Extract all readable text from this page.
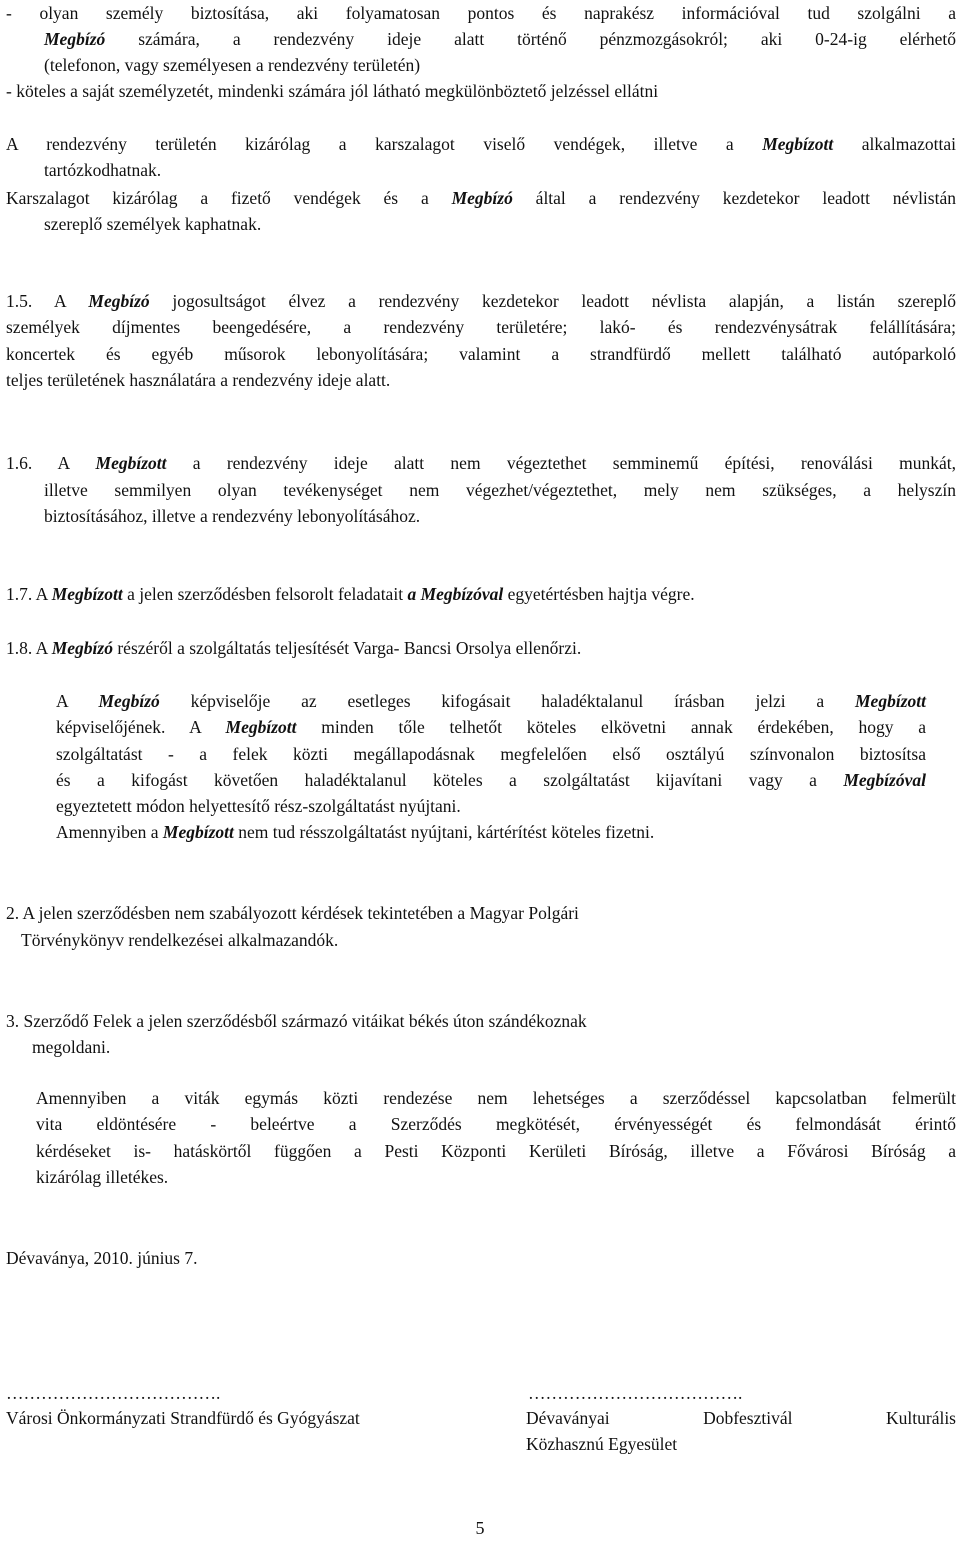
- olyan személy biztosítása, aki folyamatosan pontos és naprakész információval tud szolgálni a
Megbízó számára, a rendezvény ideje alatt történő pénzmozgásokról; aki 0-24-ig elérhető
(telefonon, vagy személyesen a rendezvény területén)
- köteles a saját személyzetét, mindenki számára jól látható megkülönböztető jelzéssel ellátni
A rendezvény területén kizárólag a karszalagot viselő vendégek, illetve a Megbízott alkalmazottai
tartózkodhatnak.
Karszalagot kizárólag a fizető vendégek és a Megbízó által a rendezvény kezdetekor leadott névlistán
szereplő személyek kaphatnak.
1.5. A Megbízó jogosultságot élvez a rendezvény kezdetekor leadott névlista alapján, a listán szereplő
személyek díjmentes beengedésére, a rendezvény területére; lakó- és rendezvénysátrak felállítására;
koncertek és egyéb műsorok lebonyolítására; valamint a strandfürdő mellett található autóparkoló
teljes területének használatára a rendezvény ideje alatt.
1.6. A Megbízott a rendezvény ideje alatt nem végeztethet semminemű építési, renoválási munkát,
illetve semmilyen olyan tevékenységet nem végezhet/végeztethet, mely nem szükséges, a helyszín
biztosításához, illetve a rendezvény lebonyolításához.
1.7. A Megbízott a jelen szerződésben felsorolt feladatait a Megbízóval egyetértésben hajtja végre.
1.8. A Megbízó részéről a szolgáltatás teljesítését Varga- Bancsi Orsolya ellenőrzi.
A Megbízó képviselője az esetleges kifogásait haladéktalanul írásban jelzi a Megbízott
képviselőjének. A Megbízott minden tőle telhetőt köteles elkövetni annak érdekében, hogy a
szolgáltatást - a felek közti megállapodásnak megfelelően első osztályú színvonalon biztosítsa
és a kifogást követően haladéktalanul köteles a szolgáltatást kijavítani vagy a Megbízóval
egyeztetett módon helyettesítő rész-szolgáltatást nyújtani.
Amennyiben a Megbízott nem tud résszolgáltatást nyújtani, kártérítést köteles fizetni.
2. A jelen szerződésben nem szabályozott kérdések tekintetében a Magyar Polgári
Törvénykönyv rendelkezései alkalmazandók.
3. Szerződő Felek a jelen szerződésből származó vitáikat békés úton szándékoznak
megoldani.
Amennyiben a viták egymás közti rendezése nem lehetséges a szerződéssel kapcsolatban felmerült
vita eldöntésére - beleértve a Szerződés megkötését, érvényességét és felmondását érintő
kérdéseket is- hatáskörtől függően a Pesti Központi Kerületi Bíróság, illetve a Fővárosi Bíróság a
kizárólag illetékes.
Dévaványa, 2010. június 7.
……………………………….
Városi Önkormányzati Strandfürdő és Gyógyászat
……………………………….
Dévaványai	Dobfesztivál	Kulturális
Közhasznú Egyesület
5
